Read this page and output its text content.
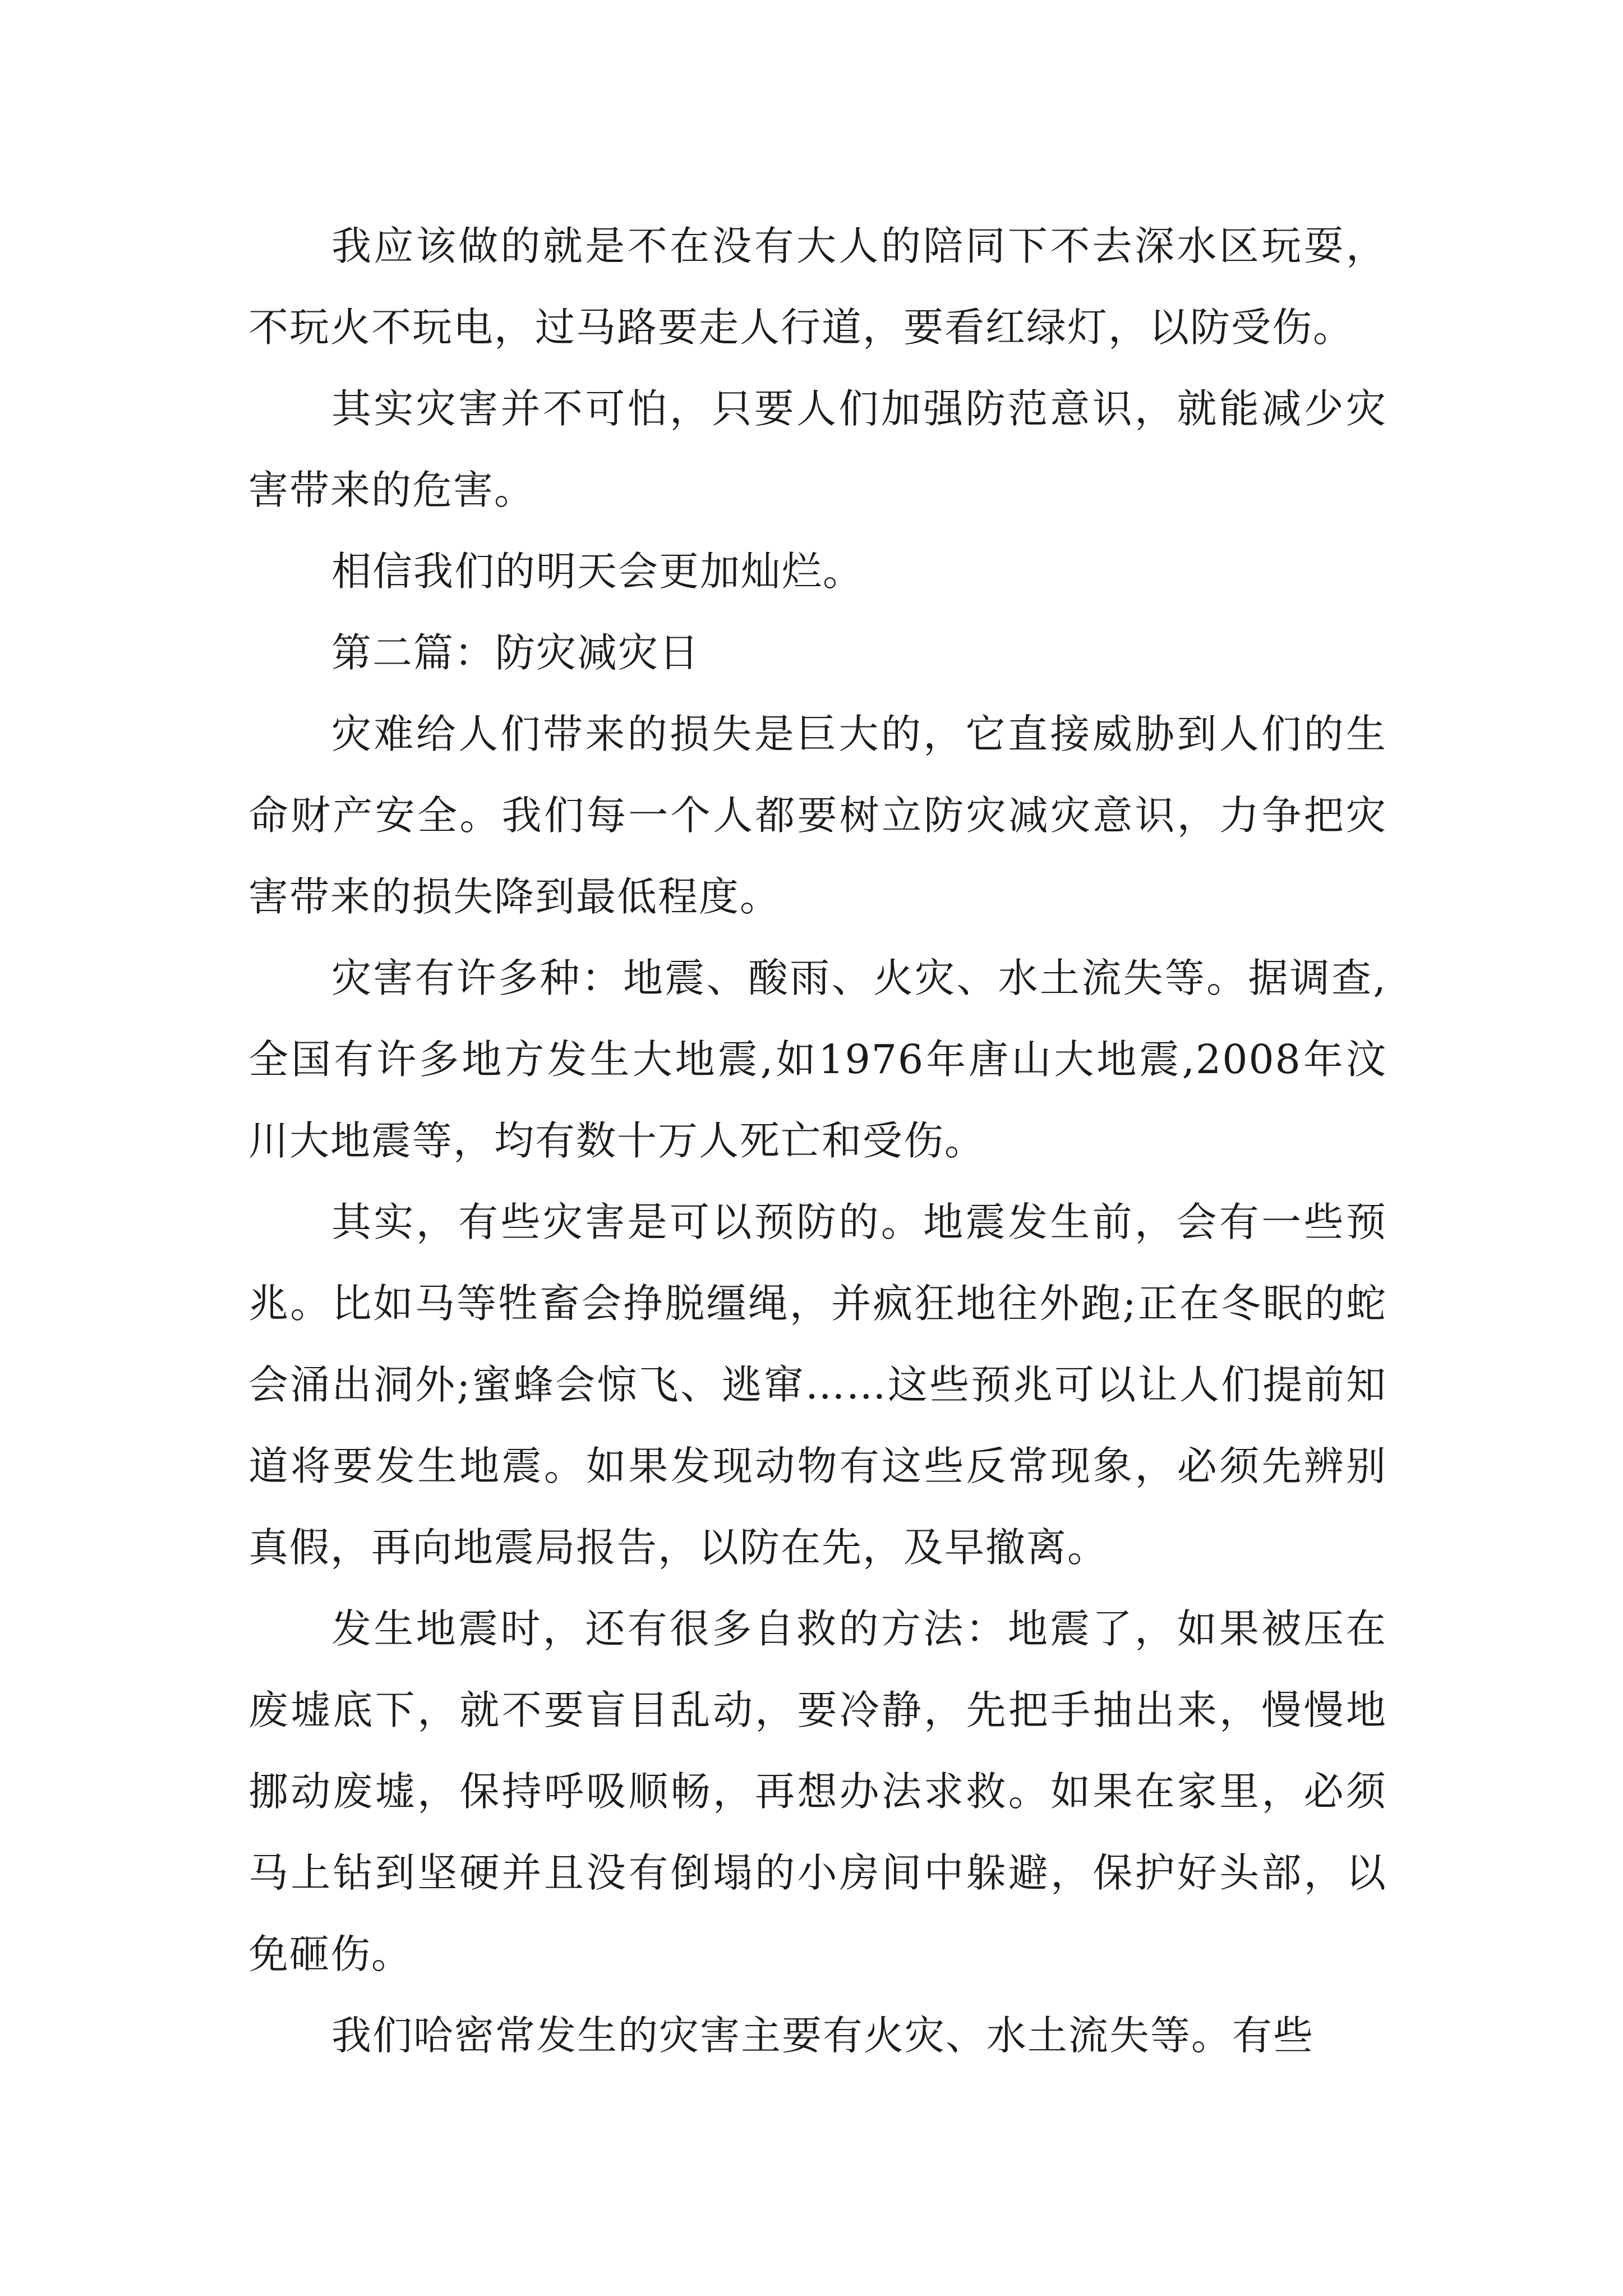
我应该做的就是不在没有大人的陪同下不去深水区玩耍，不玩火不玩电，过马路要走人行道，要看红绿灯，以防受伤。

其实灾害并不可怕，只要人们加强防范意识，就能减少灾害带来的危害。

相信我们的明天会更加灿烂。

第二篇：防灾减灾日

灾难给人们带来的损失是巨大的，它直接威胁到人们的生命财产安全。我们每一个人都要树立防灾减灾意识，力争把灾害带来的损失降到最低程度。

灾害有许多种：地震、酸雨、火灾、水土流失等。据调查,全国有许多地方发生大地震,如1976年唐山大地震,2008年汶川大地震等，均有数十万人死亡和受伤。

其实，有些灾害是可以预防的。地震发生前，会有一些预兆。比如马等牲畜会挣脱缰绳，并疯狂地往外跑;正在冬眠的蛇会涌出洞外;蜜蜂会惊飞、逃窜……这些预兆可以让人们提前知道将要发生地震。如果发现动物有这些反常现象，必须先辨别真假，再向地震局报告，以防在先，及早撤离。

发生地震时，还有很多自救的方法：地震了，如果被压在废墟底下，就不要盲目乱动，要冷静，先把手抽出来，慢慢地挪动废墟，保持呼吸顺畅，再想办法求救。如果在家里，必须马上钻到坚硬并且没有倒塌的小房间中躲避，保护好头部，以免砸伤。

我们哈密常发生的灾害主要有火灾、水土流失等。有些
